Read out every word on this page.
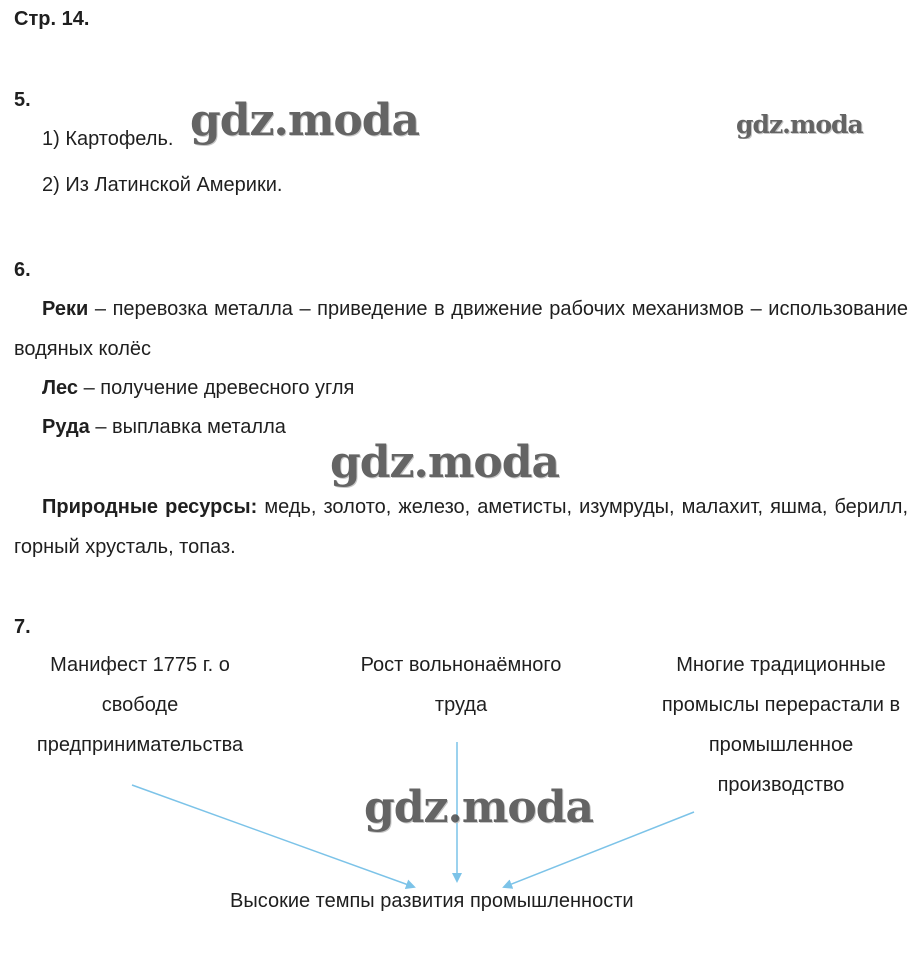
Стр. 14.
5.
1) Картофель.
2) Из Латинской Америки.
6.
Реки – перевозка металла – приведение в движение рабочих механизмов – использование водяных колёс
Лес – получение древесного угля
Руда – выплавка металла
Природные ресурсы: медь, золото, железо, аметисты, изумруды, малахит, яшма, берилл, горный хрусталь, топаз.
7.
Манифест 1775 г. о свободе предпринимательства
Рост вольнонаёмного труда
Многие традиционные промыслы перерастали в промышленное производство
Высокие темпы развития промышленности
gdz.moda	gdz.moda
gdz.moda
gdz.moda
